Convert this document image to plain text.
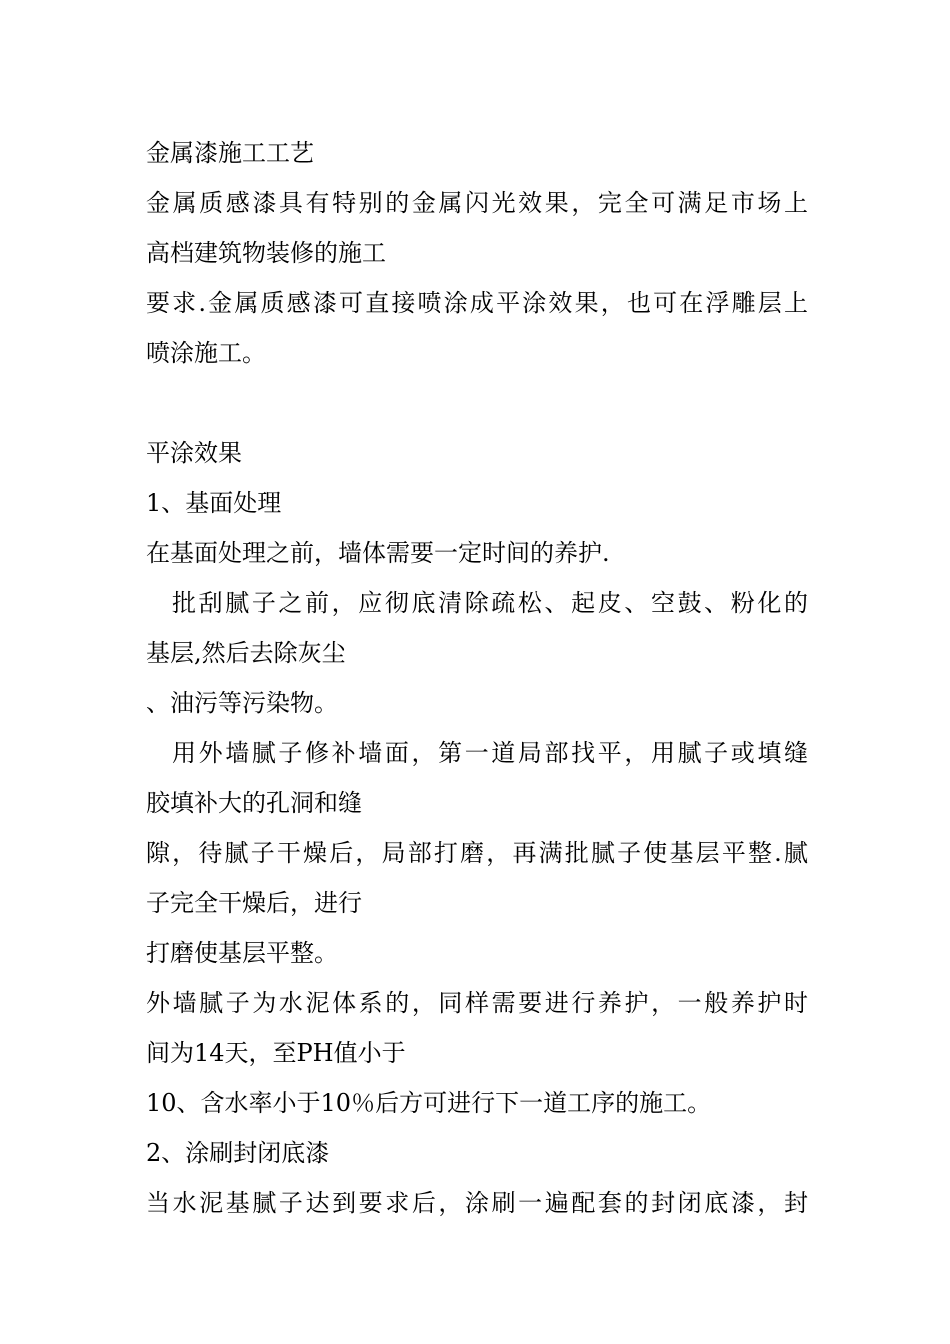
金属漆施工工艺
金属质感漆具有特别的金属闪光效果，完全可满足市场上
高档建筑物装修的施工
要求.金属质感漆可直接喷涂成平涂效果，也可在浮雕层上
喷涂施工。
平涂效果
1、基面处理
在基面处理之前，墙体需要一定时间的养护.
批刮腻子之前，应彻底清除疏松、起皮、空鼓、粉化的
基层,然后去除灰尘
、油污等污染物。
用外墙腻子修补墙面，第一道局部找平，用腻子或填缝
胶填补大的孔洞和缝
隙，待腻子干燥后，局部打磨，再满批腻子使基层平整.腻
子完全干燥后，进行
打磨使基层平整。
外墙腻子为水泥体系的，同样需要进行养护，一般养护时
间为14天，至PH值小于
10、含水率小于10％后方可进行下一道工序的施工。
2、涂刷封闭底漆
当水泥基腻子达到要求后，涂刷一遍配套的封闭底漆，封
